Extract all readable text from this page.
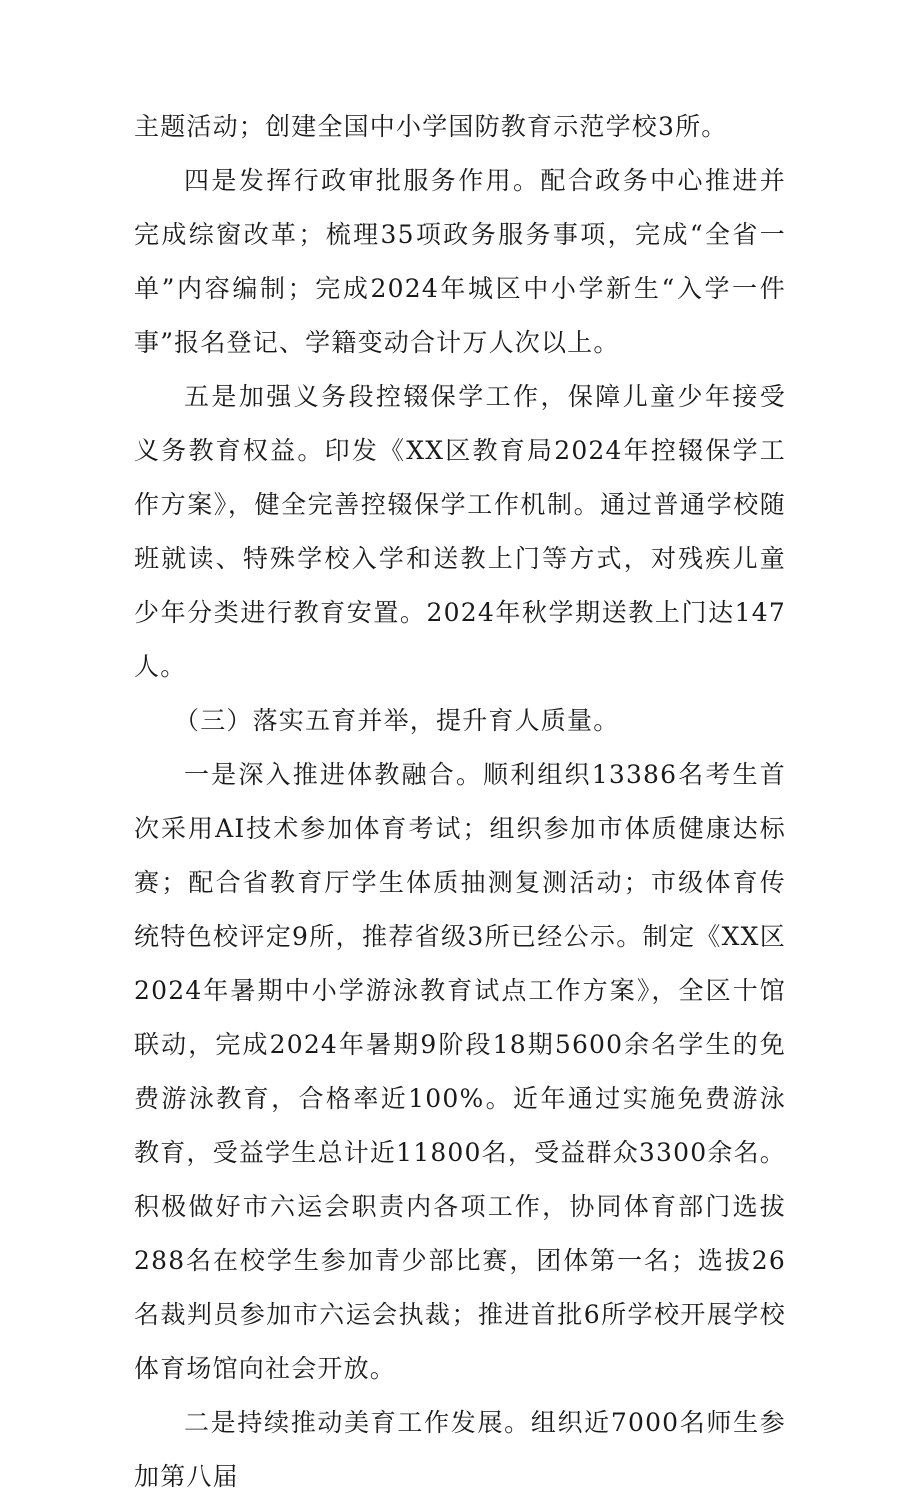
主题活动；创建全国中小学国防教育示范学校3所。

四是发挥行政审批服务作用。配合政务中心推进并完成综窗改革；梳理35项政务服务事项，完成“全省一单”内容编制；完成2024年城区中小学新生“入学一件事”报名登记、学籍变动合计万人次以上。

五是加强义务段控辍保学工作，保障儿童少年接受义务教育权益。印发《XX区教育局2024年控辍保学工作方案》，健全完善控辍保学工作机制。通过普通学校随班就读、特殊学校入学和送教上门等方式，对残疾儿童少年分类进行教育安置。2024年秋学期送教上门达147人。

（三）落实五育并举，提升育人质量。

一是深入推进体教融合。顺利组织13386名考生首次采用AI技术参加体育考试；组织参加市体质健康达标赛；配合省教育厅学生体质抽测复测活动；市级体育传统特色校评定9所，推荐省级3所已经公示。制定《XX区2024年暑期中小学游泳教育试点工作方案》，全区十馆联动，完成2024年暑期9阶段18期5600余名学生的免费游泳教育，合格率近100%。近年通过实施免费游泳教育，受益学生总计近11800名，受益群众3300余名。积极做好市六运会职责内各项工作，协同体育部门选拔288名在校学生参加青少部比赛，团体第一名；选拔26名裁判员参加市六运会执裁；推进首批6所学校开展学校体育场馆向社会开放。

二是持续推动美育工作发展。组织近7000名师生参加第八届
